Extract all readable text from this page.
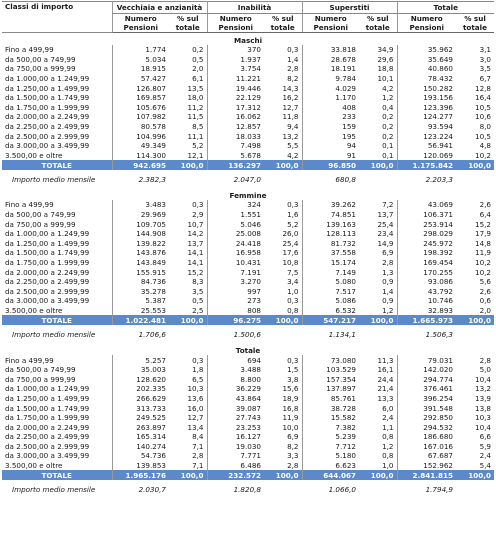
Classi di importo	Vecchiaia e anzianità		Inabilità		Superstiti		Totale	
	Numero Pensioni	% sul totale	Numero Pensioni	% sul totale	Numero Pensioni	% sul totale	Numero Pensioni	% sul totale
Maschi								
Fino a 499,99	1.774	0,2	370	0,3	33.818	34,9	35.962	3,1
da 500,00 a 749,99	5.034	0,5	1.937	1,4	28.678	29,6	35.649	3,0
da 750,00 a 999,99	18.915	2,0	3.754	2,8	18.191	18,8	40.860	3,5
da 1.000,00 a 1.249,99	57.427	6,1	11.221	8,2	9.784	10,1	78.432	6,7
da 1.250,00 a 1.499,99	126.807	13,5	19.446	14,3	4.029	4,2	150.282	12,8
da 1.500,00 a 1.749,99	169.857	18,0	22.129	16,2	1.170	1,2	193.156	16,4
da 1.750,00 a 1.999,99	105.676	11,2	17.312	12,7	408	0,4	123.396	10,5
da 2.000,00 a 2.249,99	107.982	11,5	16.062	11,8	233	0,2	124.277	10,6
da 2.250,00 a 2.499,99	80.578	8,5	12.857	9,4	159	0,2	93.594	8,0
da 2.500,00 a 2.999,99	104.996	11,1	18.033	13,2	195	0,2	123.224	10,5
da 3.000,00 a 3.499,99	49.349	5,2	7.498	5,5	94	0,1	56.941	4,8
3.500,00 e oltre	114.300	12,1	5.678	4,2	91	0,1	120.069	10,2
TOTALE	942.695	100,0	136.297	100,0	96.850	100,0	1.175.842	100,0
Importo medio mensile	2.382,3		2.047,0		680,8		2.203,3	
Femmine								
Fino a 499,99	3.483	0,3	324	0,3	39.262	7,2	43.069	2,6
da 500,00 a 749,99	29.969	2,9	1.551	1,6	74.851	13,7	106.371	6,4
da 750,00 a 999,99	109.705	10,7	5.046	5,2	139.163	25,4	253.914	15,2
da 1.000,00 a 1.249,99	144.908	14,2	25.008	26,0	128.113	23,4	298.029	17,9
da 1.250,00 a 1.499,99	139.822	13,7	24.418	25,4	81.732	14,9	245.972	14,8
da 1.500,00 a 1.749,99	143.876	14,1	16.958	17,6	37.558	6,9	198.392	11,9
da 1.750,00 a 1.999,99	143.849	14,1	10.431	10,8	15.174	2,8	169.454	10,2
da 2.000,00 a 2.249,99	155.915	15,2	7.191	7,5	7.149	1,3	170.255	10,2
da 2.250,00 a 2.499,99	84.736	8,3	3.270	3,4	5.080	0,9	93.086	5,6
da 2.500,00 a 2.999,99	35.278	3,5	997	1,0	7.517	1,4	43.792	2,6
da 3.000,00 a 3.499,99	5.387	0,5	273	0,3	5.086	0,9	10.746	0,6
3.500,00 e oltre	25.553	2,5	808	0,8	6.532	1,2	32.893	2,0
TOTALE	1.022.481	100,0	96.275	100,0	547.217	100,0	1.665.973	100,0
Importo medio mensile	1.706,6		1.500,6		1.134,1		1.506,3	
Totale								
Fino a 499,99	5.257	0,3	694	0,3	73.080	11,3	79.031	2,8
da 500,00 a 749,99	35.003	1,8	3.488	1,5	103.529	16,1	142.020	5,0
da 750,00 a 999,99	128.620	6,5	8.800	3,8	157.354	24,4	294.774	10,4
da 1.000,00 a 1.249,99	202.335	10,3	36.229	15,6	137.897	21,4	376.461	13,2
da 1.250,00 a 1.499,99	266.629	13,6	43.864	18,9	85.761	13,3	396.254	13,9
da 1.500,00 a 1.749,99	313.733	16,0	39.087	16,8	38.728	6,0	391.548	13,8
da 1.750,00 a 1.999,99	249.525	12,7	27.743	11,9	15.582	2,4	292.850	10,3
da 2.000,00 a 2.249,99	263.897	13,4	23.253	10,0	7.382	1,1	294.532	10,4
da 2.250,00 a 2.499,99	165.314	8,4	16.127	6,9	5.239	0,8	186.680	6,6
da 2.500,00 a 2.999,99	140.274	7,1	19.030	8,2	7.712	1,2	167.016	5,9
da 3.000,00 a 3.499,99	54.736	2,8	7.771	3,3	5.180	0,8	67.687	2,4
3.500,00 e oltre	139.853	7,1	6.486	2,8	6.623	1,0	152.962	5,4
TOTALE	1.965.176	100,0	232.572	100,0	644.067	100,0	2.841.815	100,0
Importo medio mensile	2.030,7		1.820,8		1.066,0		1.794,9	
